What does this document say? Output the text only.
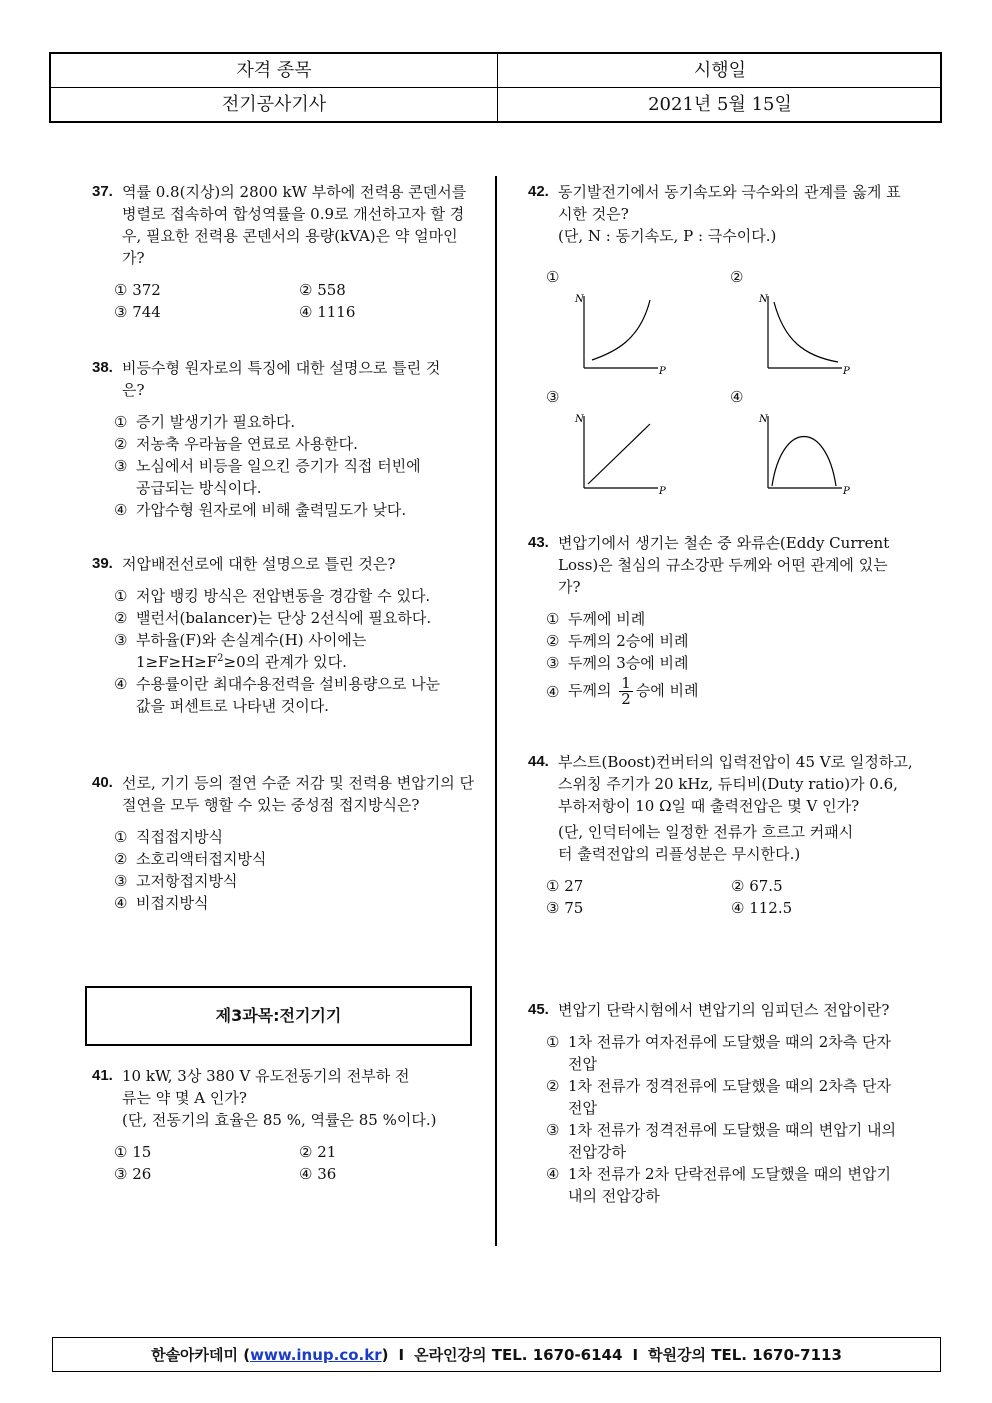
자격 종목	시행일
전기공사기사	2021년 5월 15일
37. 역률 0.8(지상)의 2800 kW 부하에 전력용 콘덴서를 병렬로 접속하여 합성역률을 0.9로 개선하고자 할 경우, 필요한 전력용 콘덴서의 용량(kVA)은 약 얼마인가?
① 372	② 558
③ 744	④ 1116
38. 비등수형 원자로의 특징에 대한 설명으로 틀린 것은?
① 증기 발생기가 필요하다.
② 저농축 우라늄을 연료로 사용한다.
③ 노심에서 비등을 일으킨 증기가 직접 터빈에 공급되는 방식이다.
④ 가압수형 원자로에 비해 출력밀도가 낮다.
39. 저압배전선로에 대한 설명으로 틀린 것은?
① 저압 뱅킹 방식은 전압변동을 경감할 수 있다.
② 밸런서(balancer)는 단상 2선식에 필요하다.
③ 부하율(F)와 손실계수(H) 사이에는
$1\ge F\ge H\ge F^2\ge 0$의 관계가 있다.
④ 수용률이란 최대수용전력을 설비용량으로 나눈 값을 퍼센트로 나타낸 것이다.
40. 선로, 기기 등의 절연 수준 저감 및 전력용 변압기의 단절연을 모두 행할 수 있는 중성점 접지방식은?
① 직접접지방식
② 소호리액터접지방식
③ 고저항접지방식
④ 비접지방식
제3과목:전기기기
41. 10 kW, 3상 380 V 유도전동기의 전부하 전류는 약 몇 A 인가?
(단, 전동기의 효율은 85 %, 역률은 85 %이다.)
① 15	② 21
③ 26	④ 36
42. 동기발전기에서 동기속도와 극수와의 관계를 옳게 표시한 것은?
(단, N : 동기속도, P : 극수이다.)
①	②
③	④
N
P
N
P
N
P
N
P
43. 변압기에서 생기는 철손 중 와류손(Eddy Current Loss)은 철심의 규소강판 두께와 어떤 관계에 있는가?
① 두께에 비례
② 두께의 2승에 비례
③ 두께의 3승에 비례
④ 두께의 $\frac{1}{2}$ 승에 비례
44. 부스트(Boost)컨버터의 입력전압이 45 V로 일정하고, 스위칭 주기가 20 kHz, 듀티비(Duty ratio)가 0.6, 부하저항이 10 Ω일 때 출력전압은 몇 V 인가?
(단, 인덕터에는 일정한 전류가 흐르고 커패시터 출력전압의 리플성분은 무시한다.)
① 27	② 67.5
③ 75	④ 112.5
45. 변압기 단락시험에서 변압기의 임피던스 전압이란?
① 1차 전류가 여자전류에 도달했을 때의 2차측 단자전압
② 1차 전류가 정격전류에 도달했을 때의 2차측 단자전압
③ 1차 전류가 정격전류에 도달했을 때의 변압기 내의 전압강하
④ 1차 전류가 2차 단락전류에 도달했을 때의 변압기 내의 전압강하
한솔아카데미 ( www.inup.co.kr ) I 온라인강의 TEL. 1670-6144 I 학원강의 TEL. 1670-7113
